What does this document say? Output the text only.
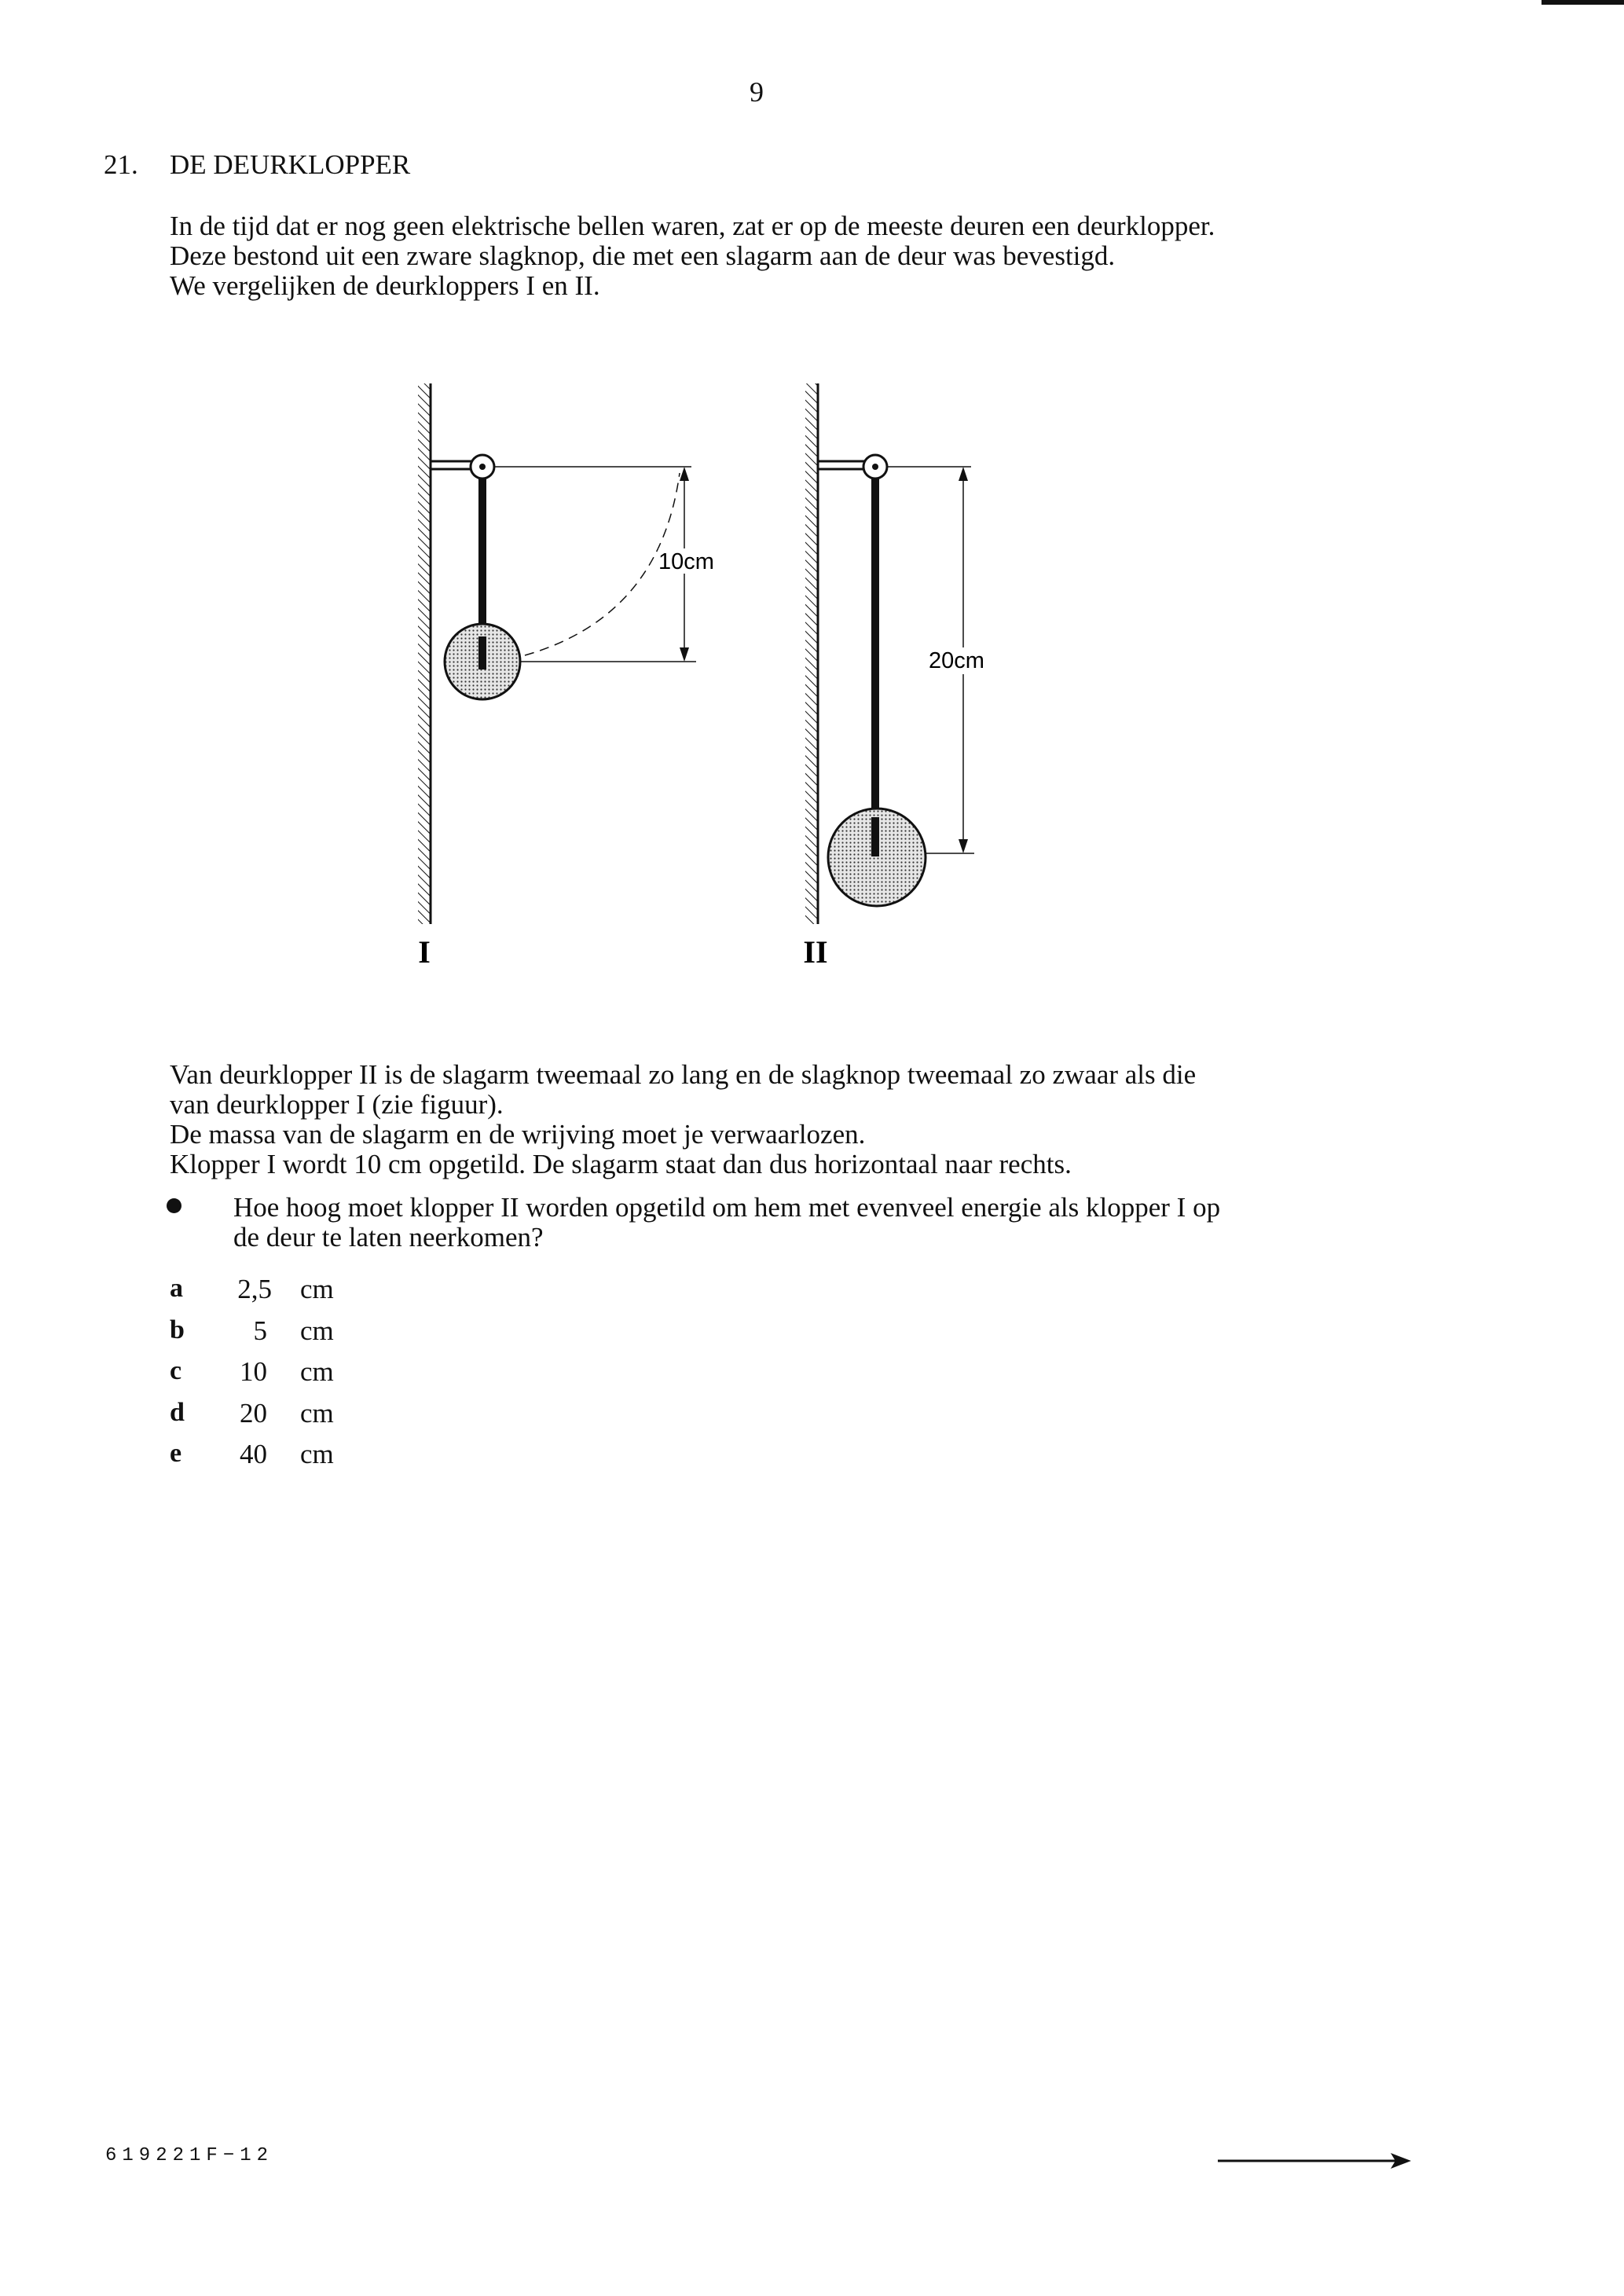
9
21. DE DEURKLOPPER
In de tijd dat er nog geen elektrische bellen waren, zat er op de meeste deuren een deurklopper.
Deze bestond uit een zware slagknop, die met een slagarm aan de deur was bevestigd.
We vergelijken de deurkloppers I en II.
10cm
I
20cm
II
Van deurklopper II is de slagarm tweemaal zo lang en de slagknop tweemaal zo zwaar als die
van deurklopper I (zie figuur).
De massa van de slagarm en de wrijving moet je verwaarlozen.
Klopper I wordt 10 cm opgetild. De slagarm staat dan dus horizontaal naar rechts.
Hoe hoog moet klopper II worden opgetild om hem met evenveel energie als klopper I op
de deur te laten neerkomen?
a 2,5 cm
b	5 cm
c	10 cm
d	20 cm
e	40 cm
619221F−12
